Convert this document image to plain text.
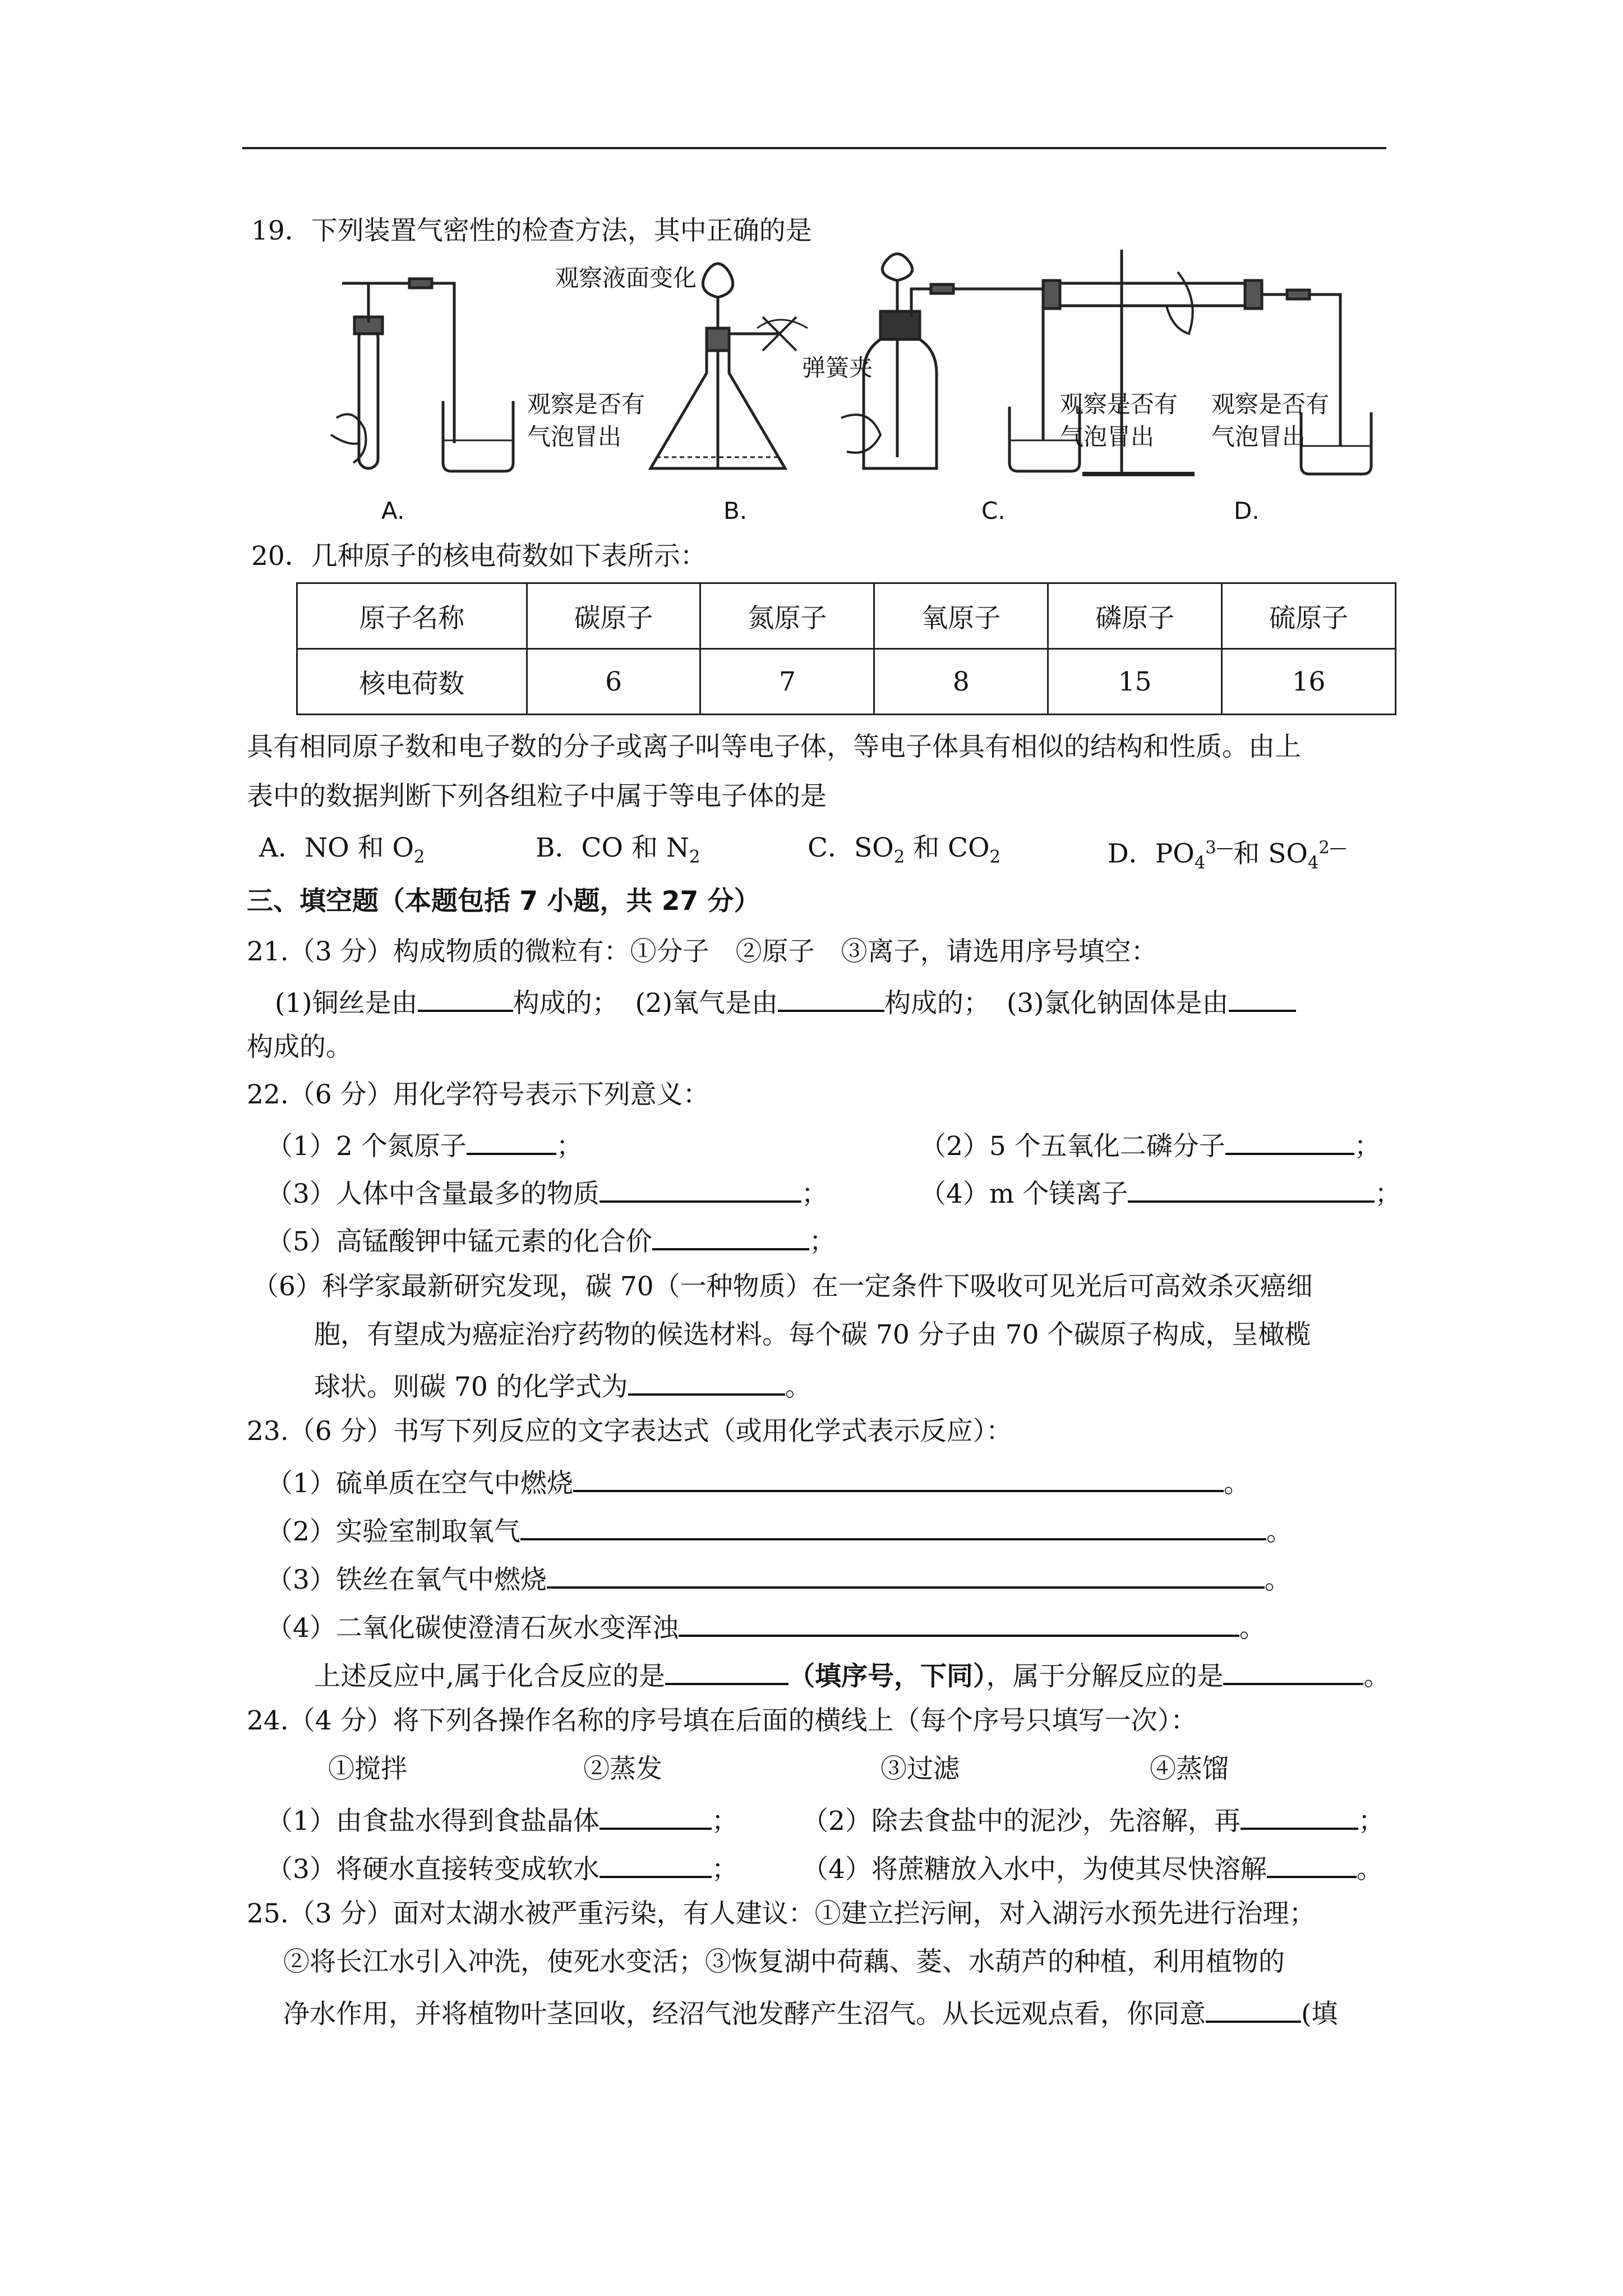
19．下列装置气密性的检查方法，其中正确的是
观察液面变化
弹簧夹
观察是否有
气泡冒出
观察是否有
气泡冒出
观察是否有
气泡冒出
A.	B.	C.	D.
20．几种原子的核电荷数如下表所示：
原子名称	碳原子	氮原子	氧原子	磷原子	硫原子
核电荷数	6	7	8	15	16
具有相同原子数和电子数的分子或离子叫等电子体，等电子体具有相似的结构和性质。由上
表中的数据判断下列各组粒子中属于等电子体的是
A．NO 和 $O_2$	B．CO 和 $N_2$	C．$SO_2$ 和 $CO_2$	D．$PO_4^{3—}$和 $SO_4^{2—}$
三、填空题（本题包括 7 小题，共 27 分）
21.（3 分）构成物质的微粒有：①分子　②原子　③离子，请选用序号填空：
(1)铜丝是由	构成的； (2)氧气是由	构成的； (3)氯化钠固体是由
构成的。
22.（6 分）用化学符号表示下列意义：
（1）2 个氮原子	；	（2）5 个五氧化二磷分子	；
（3）人体中含量最多的物质	；	（4）m 个镁离子	；
（5）高锰酸钾中锰元素的化合价	；
（6）科学家最新研究发现，碳 70（一种物质）在一定条件下吸收可见光后可高效杀灭癌细
胞，有望成为癌症治疗药物的候选材料。每个碳 70 分子由 70 个碳原子构成，呈橄榄
球状。则碳 70 的化学式为	。
23.（6 分）书写下列反应的文字表达式（或用化学式表示反应）：
（1）硫单质在空气中燃烧	。
（2）实验室制取氧气	。
（3）铁丝在氧气中燃烧	。
（4）二氧化碳使澄清石灰水变浑浊	。
上述反应中,属于化合反应的是	（填序号，下同），属于分解反应的是	。
24.（4 分）将下列各操作名称的序号填在后面的横线上（每个序号只填写一次）：
①搅拌	②蒸发	③过滤	④蒸馏
（1）由食盐水得到食盐晶体	； （2）除去食盐中的泥沙，先溶解，再	；
（3）将硬水直接转变成软水	； （4）将蔗糖放入水中，为使其尽快溶解	。
25.（3 分）面对太湖水被严重污染，有人建议：①建立拦污闸，对入湖污水预先进行治理；
②将长江水引入冲洗，使死水变活；③恢复湖中荷藕、菱、水葫芦的种植，利用植物的
净水作用，并将植物叶茎回收，经沼气池发酵产生沼气。从长远观点看，你同意	(填
